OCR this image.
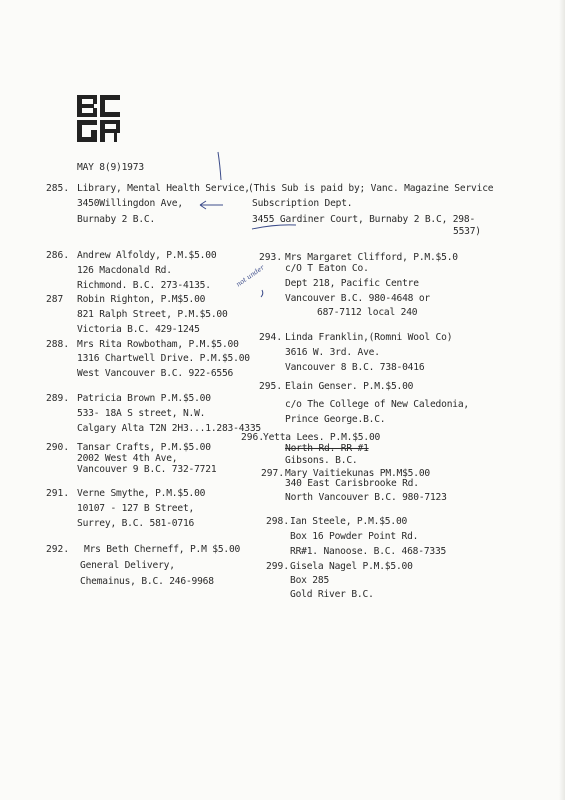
MAY 8(9)1973
not under
285. Library, Mental Health Service,
3450Willingdon Ave,
Burnaby 2 B.C.
(This Sub is paid by; Vanc. Magazine Service
Subscription Dept.
3455 Gardiner Court, Burnaby 2 B.C, 298-
5537)
286. Andrew Alfoldy, P.M.$5.00
126 Macdonald Rd.
Richmond. B.C. 273-4135.
287 Robin Righton, P.M$5.00
821 Ralph Street, P.M.$5.00
Victoria B.C. 429-1245
288. Mrs Rita Rowbotham, P.M.$5.00
1316 Chartwell Drive. P.M.$5.00
West Vancouver B.C. 922-6556
289. Patricia Brown P.M.$5.00
533- 18A S street, N.W.
Calgary Alta T2N 2H3...1.283-4335
290. Tansar Crafts, P.M.$5.00
2002 West 4th Ave,
Vancouver 9 B.C. 732-7721
291. Verne Smythe, P.M.$5.00
10107 - 127 B Street,
Surrey, B.C. 581-0716
292. Mrs Beth Cherneff, P.M $5.00
General Delivery,
Chemainus, B.C. 246-9968
293. Mrs Margaret Clifford, P.M.$5.0
c/O T Eaton Co.
Dept 218, Pacific Centre
Vancouver B.C. 980-4648 or
687-7112 local 240
294. Linda Franklin,(Romni Wool Co)
3616 W. 3rd. Ave.
Vancouver 8 B.C. 738-0416
295. Elain Genser. P.M.$5.00
c/o The College of New Caledonia,
Prince George.B.C.
296.
Yetta Lees. P.M.$5.00
North Rd. RR #1
Gibsons. B.C.
297. Mary Vaitiekunas PM.M$5.00
340 East Carisbrooke Rd.
North Vancouver B.C. 980-7123
298. Ian Steele, P.M.$5.00
Box 16 Powder Point Rd.
RR#1. Nanoose. B.C. 468-7335
299. Gisela Nagel P.M.$5.00
Box 285
Gold River B.C.
